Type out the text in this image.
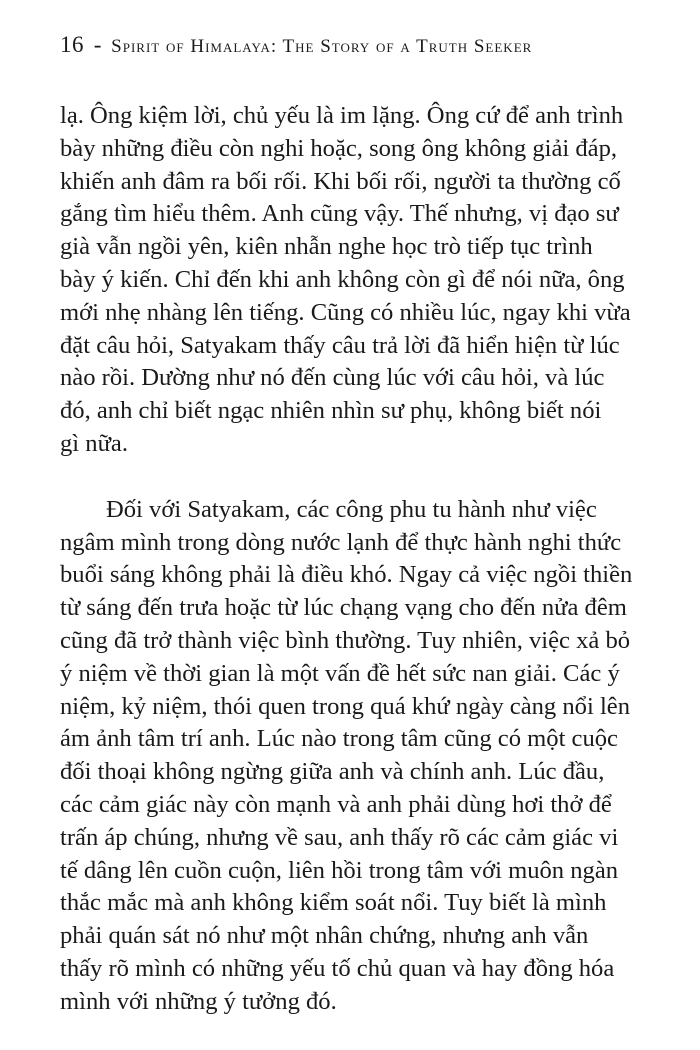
16 - Spirit of Himalaya: The Story of a Truth Seeker
lạ. Ông kiệm lời, chủ yếu là im lặng. Ông cứ để anh trình
bày những điều còn nghi hoặc, song ông không giải đáp,
khiến anh đâm ra bối rối. Khi bối rối, người ta thường cố
gắng tìm hiểu thêm. Anh cũng vậy. Thế nhưng, vị đạo sư
già vẫn ngồi yên, kiên nhẫn nghe học trò tiếp tục trình
bày ý kiến. Chỉ đến khi anh không còn gì để nói nữa, ông
mới nhẹ nhàng lên tiếng. Cũng có nhiều lúc, ngay khi vừa
đặt câu hỏi, Satyakam thấy câu trả lời đã hiển hiện từ lúc
nào rồi. Dường như nó đến cùng lúc với câu hỏi, và lúc
đó, anh chỉ biết ngạc nhiên nhìn sư phụ, không biết nói
gì nữa.
Đối với Satyakam, các công phu tu hành như việc
ngâm mình trong dòng nước lạnh để thực hành nghi thức
buổi sáng không phải là điều khó. Ngay cả việc ngồi thiền
từ sáng đến trưa hoặc từ lúc chạng vạng cho đến nửa đêm
cũng đã trở thành việc bình thường. Tuy nhiên, việc xả bỏ
ý niệm về thời gian là một vấn đề hết sức nan giải. Các ý
niệm, kỷ niệm, thói quen trong quá khứ ngày càng nổi lên
ám ảnh tâm trí anh. Lúc nào trong tâm cũng có một cuộc
đối thoại không ngừng giữa anh và chính anh. Lúc đầu,
các cảm giác này còn mạnh và anh phải dùng hơi thở để
trấn áp chúng, nhưng về sau, anh thấy rõ các cảm giác vi
tế dâng lên cuồn cuộn, liên hồi trong tâm với muôn ngàn
thắc mắc mà anh không kiểm soát nổi. Tuy biết là mình
phải quán sát nó như một nhân chứng, nhưng anh vẫn
thấy rõ mình có những yếu tố chủ quan và hay đồng hóa
mình với những ý tưởng đó.
